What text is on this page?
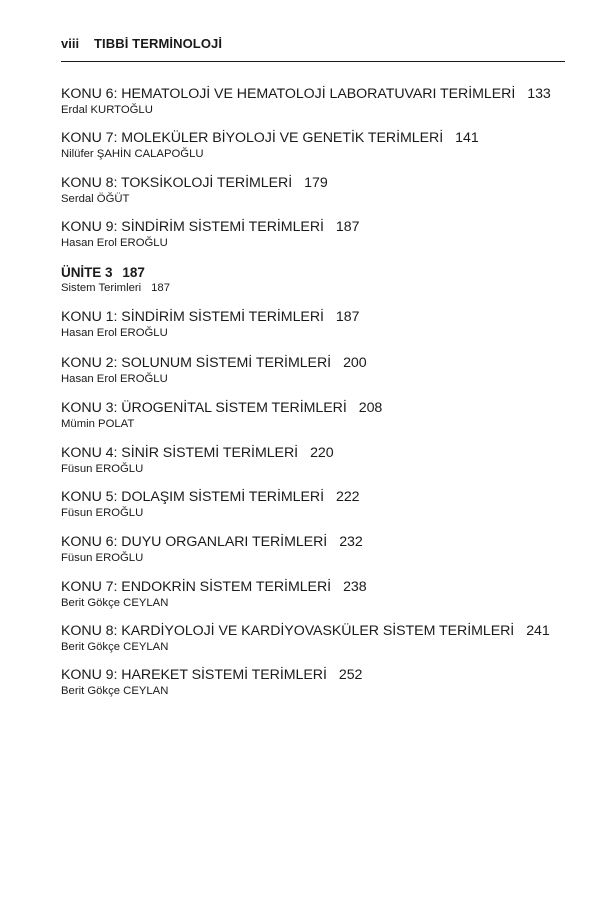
viii TIBBİ TERMİNOLOJİ
KONU 6: HEMATOLOJİ VE HEMATOLOJİ LABORATUVARI TERİMLERİ 133
Erdal KURTOĞLU
KONU 7: MOLEKÜLER BİYOLOJİ VE GENETİK TERİMLERİ 141
Nilüfer ŞAHİN CALAPOĞLU
KONU 8: TOKSİKOLOJİ TERİMLERİ 179
Serdal ÖĞÜT
KONU 9: SİNDİRİM SİSTEMİ TERİMLERİ 187
Hasan Erol EROĞLU
ÜNİTE 3 187
Sistem Terimleri 187
KONU 1: SİNDİRİM SİSTEMİ TERİMLERİ 187
Hasan Erol EROĞLU
KONU 2: SOLUNUM SİSTEMİ TERİMLERİ 200
Hasan Erol EROĞLU
KONU 3: ÜROGENİTAL SİSTEM TERİMLERİ 208
Mümin POLAT
KONU 4: SİNİR SİSTEMİ TERİMLERİ 220
Füsun EROĞLU
KONU 5: DOLAŞIM SİSTEMİ TERİMLERİ 222
Füsun EROĞLU
KONU 6: DUYU ORGANLARI TERİMLERİ 232
Füsun EROĞLU
KONU 7: ENDOKRİN SİSTEM TERİMLERİ 238
Berit Gökçe CEYLAN
KONU 8: KARDİYOLOJİ VE KARDİYOVASKÜLER SİSTEM TERİMLERİ 241
Berit Gökçe CEYLAN
KONU 9: HAREKET SİSTEMİ TERİMLERİ 252
Berit Gökçe CEYLAN
